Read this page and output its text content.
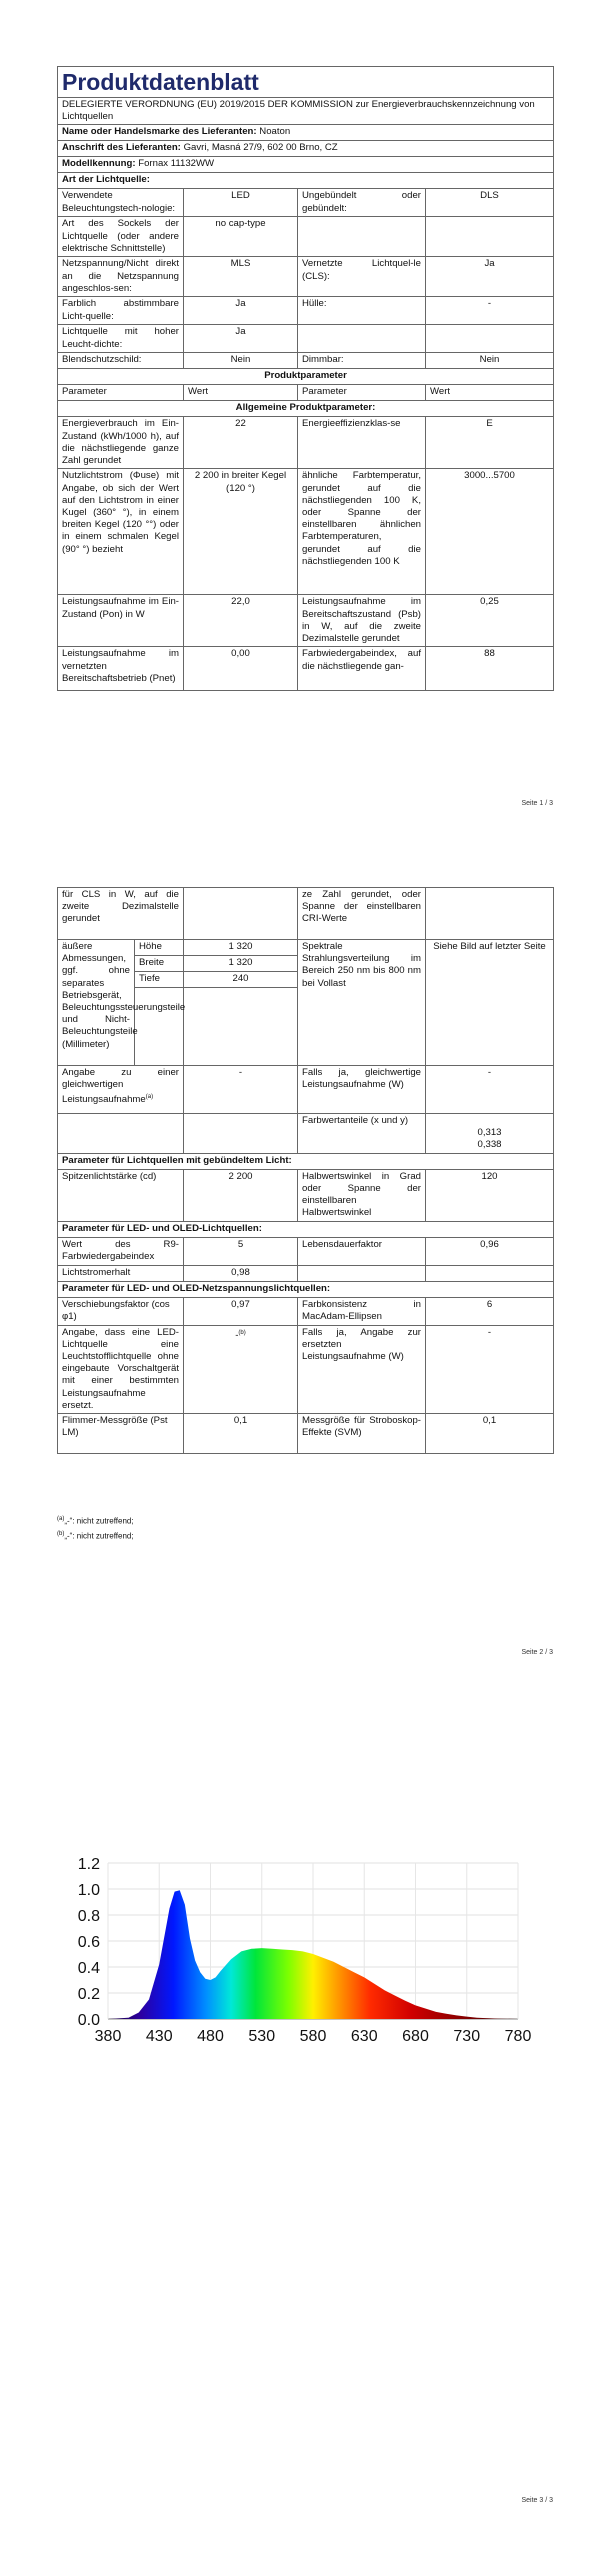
Produktdatenblatt			
DELEGIERTE VERORDNUNG (EU) 2019/2015 DER KOMMISSION zur Energieverbrauchskennzeichnung von Lichtquellen			
Name oder Handelsmarke des Lieferanten: Noaton			
Anschrift des Lieferanten: Gavri, Masná 27/9, 602 00 Brno, CZ			
Modellkennung: Fornax 11132WW			
Art der Lichtquelle:			
Verwendete Beleuchtungstech-nologie:	LED	Ungebündelt oder gebündelt:	DLS
Art des Sockels der Lichtquelle (oder andere elektrische Schnittstelle)	no cap-type		
Netzspannung/Nicht direkt an die Netzspannung angeschlos-sen:	MLS	Vernetzte Lichtquel-le (CLS):	Ja
Farblich abstimmbare Licht-quelle:	Ja	Hülle:	-
Lichtquelle mit hoher Leucht-dichte:	Ja		
Blendschutzschild:	Nein	Dimmbar:	Nein
Produktparameter			
Parameter	Wert	Parameter	Wert
Allgemeine Produktparameter:			
Energieverbrauch im Ein-Zustand (kWh/1000 h), auf die nächstliegende ganze Zahl gerundet	22	Energieeffizienzklas-se	E
Nutzlichtstrom (Φuse) mit Angabe, ob sich der Wert auf den Lichtstrom in einer Kugel (360° °), in einem breiten Kegel (120 °°) oder in einem schmalen Kegel (90° °) bezieht	2 200 in breiter Kegel (120 °)	ähnliche Farbtemperatur, gerundet auf die nächstliegenden 100 K, oder Spanne der einstellbaren ähnlichen Farbtemperaturen, gerundet auf die nächstliegenden 100 K	3000...5700
Leistungsaufnahme im Ein-Zustand (Pon) in W	22,0	Leistungsaufnahme im Bereitschaftszustand (Psb) in W, auf die zweite Dezimalstelle gerundet	0,25
Leistungsaufnahme im vernetzten Bereitschaftsbetrieb (Pnet)	0,00	Farbwiedergabeindex, auf die nächstliegende gan-	88
Seite 1 / 3
für CLS in W, auf die zweite Dezimalstelle gerundet			ze Zahl gerundet, oder Spanne der einstellbaren CRI-Werte	
äußere Abmessungen, ggf. ohne separates Betriebsgerät, Beleuchtungssteuerungsteile und Nicht-Beleuchtungsteile (Millimeter)	Höhe	1 320	Spektrale Strahlungsverteilung im Bereich 250 nm bis 800 nm bei Vollast	Siehe Bild auf letzter Seite
	Breite	1 320		
	Tiefe	240		

Angabe zu einer gleichwertigen Leistungsaufnahme$^{(a)}$		-	Falls ja, gleichwertige Leistungsaufnahme (W)	-
			Farbwertanteile (x und y)	0,313
0,338
Parameter für Lichtquellen mit gebündeltem Licht:				
Spitzenlichtstärke (cd)		2 200	Halbwertswinkel in Grad oder Spanne der einstellbaren Halbwertswinkel	120
Parameter für LED- und OLED-Lichtquellen:				
Wert des R9-Farbwiedergabeindex		5	Lebensdauerfaktor	0,96
Lichtstromerhalt		0,98		
Parameter für LED- und OLED-Netzspannungslichtquellen:				
Verschiebungsfaktor (cos φ1)		0,97	Farbkonsistenz in MacAdam-Ellipsen	6
Angabe, dass eine LED-Lichtquelle eine Leuchtstofflichtquelle ohne eingebaute Vorschaltgerät mit einer bestimmten Leistungsaufnahme ersetzt.		-$^{(b)}$	Falls ja, Angabe zur ersetzten Leistungsaufnahme (W)	-
Flimmer-Messgröße (Pst LM)		0,1	Messgröße für Stroboskop-Effekte (SVM)	0,1
$^{(a)}$„-“: nicht zutreffend;
$^{(b)}$„-“: nicht zutreffend;
Seite 2 / 3
0.0
0.2
0.4
0.6
0.8
1.0
1.2
380 430 480 530 580 630 680 730 780
Seite 3 / 3
